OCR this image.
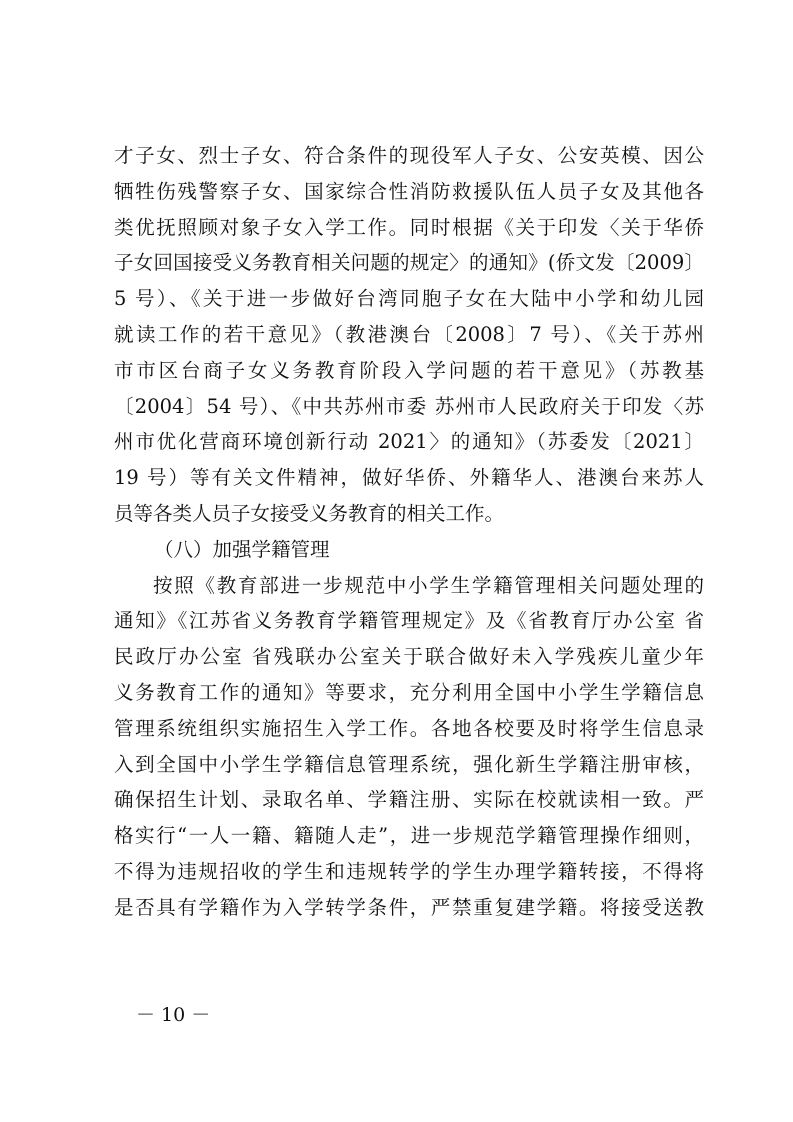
才子女、烈士子女、符合条件的现役军人子女、公安英模、因公
牺牲伤残警察子女、国家综合性消防救援队伍人员子女及其他各
类优抚照顾对象子女入学工作。同时根据《关于印发〈关于华侨
子女回国接受义务教育相关问题的规定〉的通知》(侨文发〔2009〕
5 号）、《关于进一步做好台湾同胞子女在大陆中小学和幼儿园
就读工作的若干意见》（教港澳台〔2008〕7 号）、《关于苏州
市市区台商子女义务教育阶段入学问题的若干意见》（苏教基
〔2004〕54 号）、《中共苏州市委 苏州市人民政府关于印发〈苏
州市优化营商环境创新行动 2021〉的通知》（苏委发〔2021〕
19 号）等有关文件精神，做好华侨、外籍华人、港澳台来苏人
员等各类人员子女接受义务教育的相关工作。
（八）加强学籍管理
按照《教育部进一步规范中小学生学籍管理相关问题处理的
通知》《江苏省义务教育学籍管理规定》及《省教育厅办公室 省
民政厅办公室 省残联办公室关于联合做好未入学残疾儿童少年
义务教育工作的通知》等要求，充分利用全国中小学生学籍信息
管理系统组织实施招生入学工作。各地各校要及时将学生信息录
入到全国中小学生学籍信息管理系统，强化新生学籍注册审核，
确保招生计划、录取名单、学籍注册、实际在校就读相一致。严
格实行“一人一籍、籍随人走”，进一步规范学籍管理操作细则，
不得为违规招收的学生和违规转学的学生办理学籍转接，不得将
是否具有学籍作为入学转学条件，严禁重复建学籍。将接受送教
－ 10 －
